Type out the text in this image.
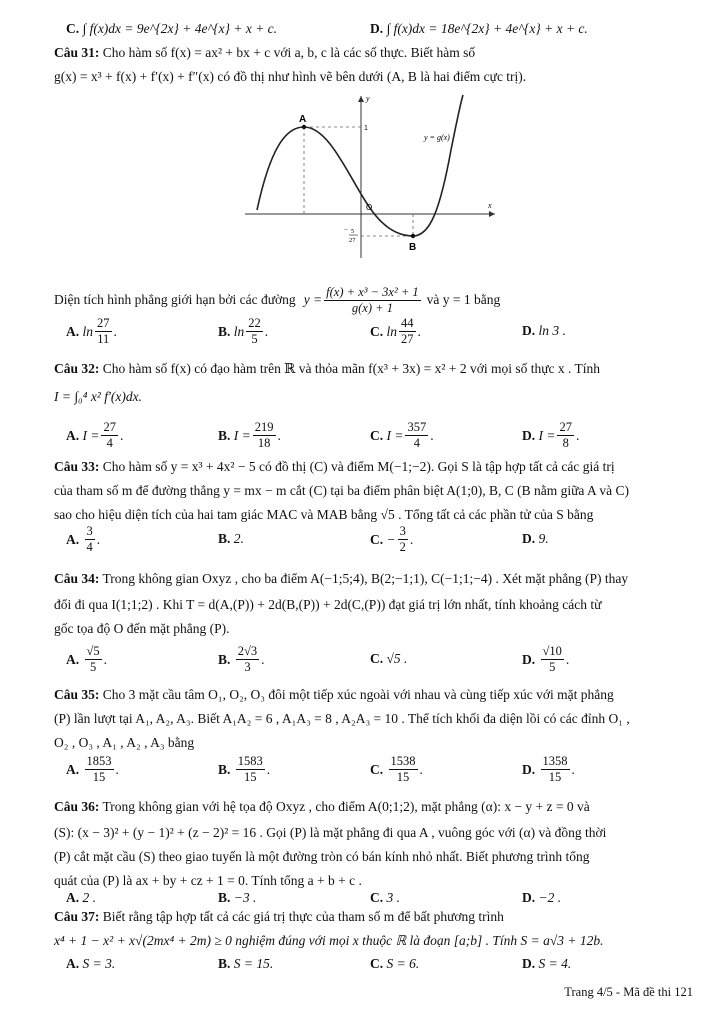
C. ∫ f(x)dx = 9e^{2x} + 4e^{x} + x + c.	D. ∫ f(x)dx = 18e^{2x} + 4e^{x} + x + c.
Câu 31: Cho hàm số f(x) = ax² + bx + c với a, b, c là các số thực. Biết hàm số
g(x) = x³ + f(x) + f′(x) + f″(x) có đồ thị như hình vẽ bên dưới (A, B là hai điểm cực trị).
A
B
O	x
y
1
y = g(x)
− 5
27
Diện tích hình phẳng giới hạn bởi các đường $y = \frac{\text{f(x) + x³ − 3x² + 1}}{g(x) + 1}$ và y = 1 bằng
Câu 32: Cho hàm số f(x) có đạo hàm trên ℝ và thỏa mãn f(x³ + 3x) = x² + 2 với mọi số thực x . Tính
I = ∫₀⁴ x² f′(x)dx.
Câu 33: Cho hàm số y = x³ + 4x² − 5 có đồ thị (C) và điểm M(−1;−2). Gọi S là tập hợp tất cả các giá trị
của tham số m để đường thẳng y = mx − m cắt (C) tại ba điểm phân biệt A(1;0), B, C (B nằm giữa A và C)
sao cho hiệu diện tích của hai tam giác MAC và MAB bằng √5 . Tổng tất cả các phần tử của S bằng
Câu 34: Trong không gian Oxyz , cho ba điểm A(−1;5;4), B(2;−1;1), C(−1;1;−4) . Xét mặt phẳng (P) thay
đổi đi qua I(1;1;2) . Khi T = d(A,(P)) + 2d(B,(P)) + 2d(C,(P)) đạt giá trị lớn nhất, tính khoảng cách từ
gốc tọa độ O đến mặt phẳng (P).
Câu 35: Cho 3 mặt cầu tâm O₁, O₂, O₃ đôi một tiếp xúc ngoài với nhau và cùng tiếp xúc với mặt phẳng
(P) lần lượt tại A₁, A₂, A₃. Biết A₁A₂ = 6 , A₁A₃ = 8 , A₂A₃ = 10 . Thể tích khối đa diện lồi có các đỉnh O₁ ,
O₂ , O₃ , A₁ , A₂ , A₃ bằng
Câu 36: Trong không gian với hệ tọa độ Oxyz , cho điểm A(0;1;2), mặt phẳng (α): x − y + z = 0 và
(S): (x − 3)² + (y − 1)² + (z − 2)² = 16 . Gọi (P) là mặt phẳng đi qua A , vuông góc với (α) và đồng thời
(P) cắt mặt cầu (S) theo giao tuyến là một đường tròn có bán kính nhỏ nhất. Biết phương trình tổng
quát của (P) là ax + by + cz + 1 = 0. Tính tổng a + b + c .
Câu 37: Biết rằng tập hợp tất cả các giá trị thực của tham số m để bất phương trình
x⁴ + 1 − x² + x√(2mx⁴ + 2m) ≥ 0 nghiệm đúng với mọi x thuộc ℝ là đoạn [a;b] . Tính S = a√3 + 12b.
A.
$\ln \frac{27}{11}$ .	B.
$\ln \frac{22}{5}$ .	C.
$\ln \frac{44}{27}$ .	D.
ln 3 .
A.
$I = \frac{27}{4}$ .	B.
$I = \frac{219}{18}$ .	C.
$I = \frac{357}{4}$ .	D.
$I = \frac{27}{8}$ .
A.
$\frac{3}{4}$ .	B.
2.	C.
− $\frac{3}{2}$ .	D.
9.
A.
$\frac{√5}{5}$ .	B.
$\frac{2√3}{3}$ .	C.
√5 .	D.
$\frac{√10}{5}$ .
A.
$\frac{1853}{15}$ .	B.
$\frac{1583}{15}$ .	C.
$\frac{1538}{15}$ .	D.
$\frac{1358}{15}$ .
A.
2 .	B.
−3 .	C.
3 .	D.
−2 .
A.
S = 3.	B.
S = 15.	C.
S = 6.	D.
S = 4.
Trang 4/5 - Mã đề thi 121
